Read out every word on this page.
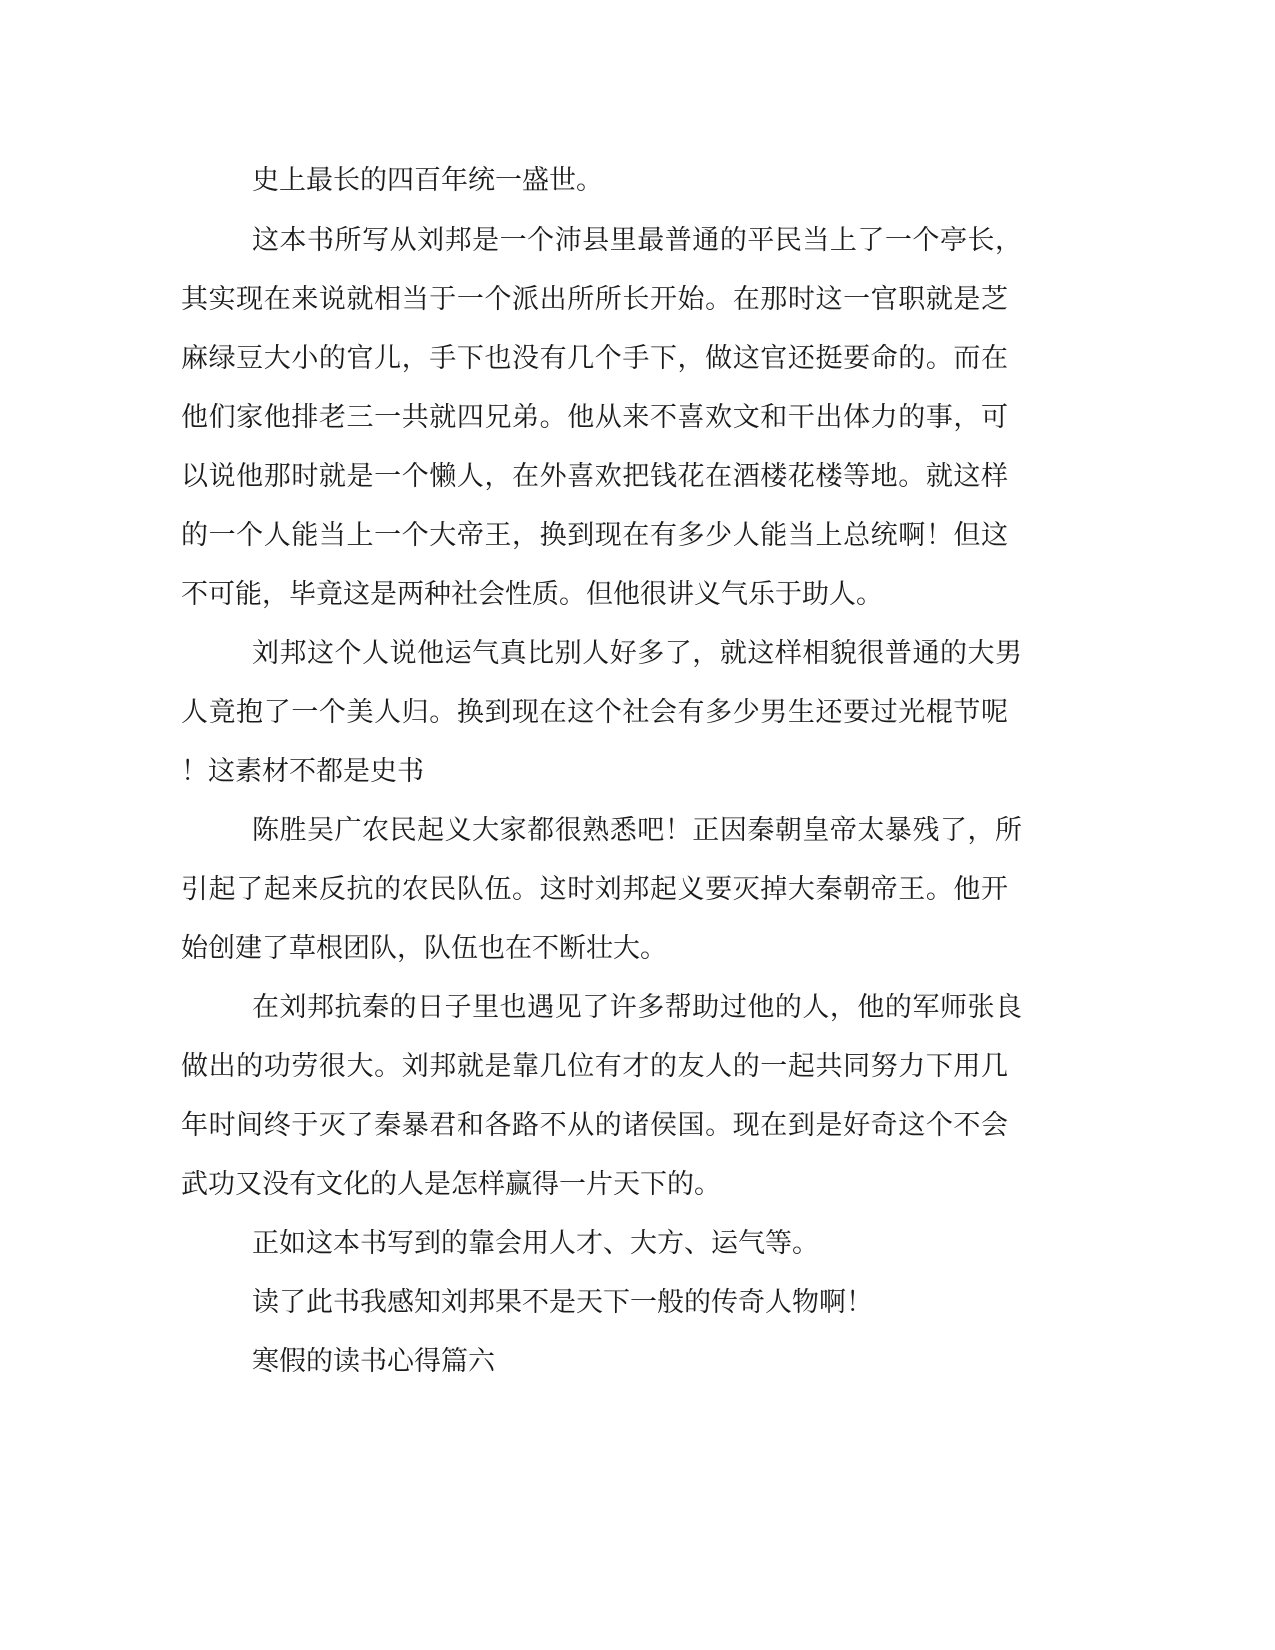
史上最长的四百年统一盛世。

这本书所写从刘邦是一个沛县里最普通的平民当上了一个亭长，

其实现在来说就相当于一个派出所所长开始。在那时这一官职就是芝

麻绿豆大小的官儿，手下也没有几个手下，做这官还挺要命的。而在

他们家他排老三一共就四兄弟。他从来不喜欢文和干出体力的事，可

以说他那时就是一个懒人，在外喜欢把钱花在酒楼花楼等地。就这样

的一个人能当上一个大帝王，换到现在有多少人能当上总统啊！但这

不可能，毕竟这是两种社会性质。但他很讲义气乐于助人。

刘邦这个人说他运气真比别人好多了，就这样相貌很普通的大男

人竟抱了一个美人归。换到现在这个社会有多少男生还要过光棍节呢

！这素材不都是史书

陈胜吴广农民起义大家都很熟悉吧！正因秦朝皇帝太暴残了，所

引起了起来反抗的农民队伍。这时刘邦起义要灭掉大秦朝帝王。他开

始创建了草根团队，队伍也在不断壮大。

在刘邦抗秦的日子里也遇见了许多帮助过他的人，他的军师张良

做出的功劳很大。刘邦就是靠几位有才的友人的一起共同努力下用几

年时间终于灭了秦暴君和各路不从的诸侯国。现在到是好奇这个不会

武功又没有文化的人是怎样赢得一片天下的。

正如这本书写到的靠会用人才、大方、运气等。

读了此书我感知刘邦果不是天下一般的传奇人物啊！

寒假的读书心得篇六
